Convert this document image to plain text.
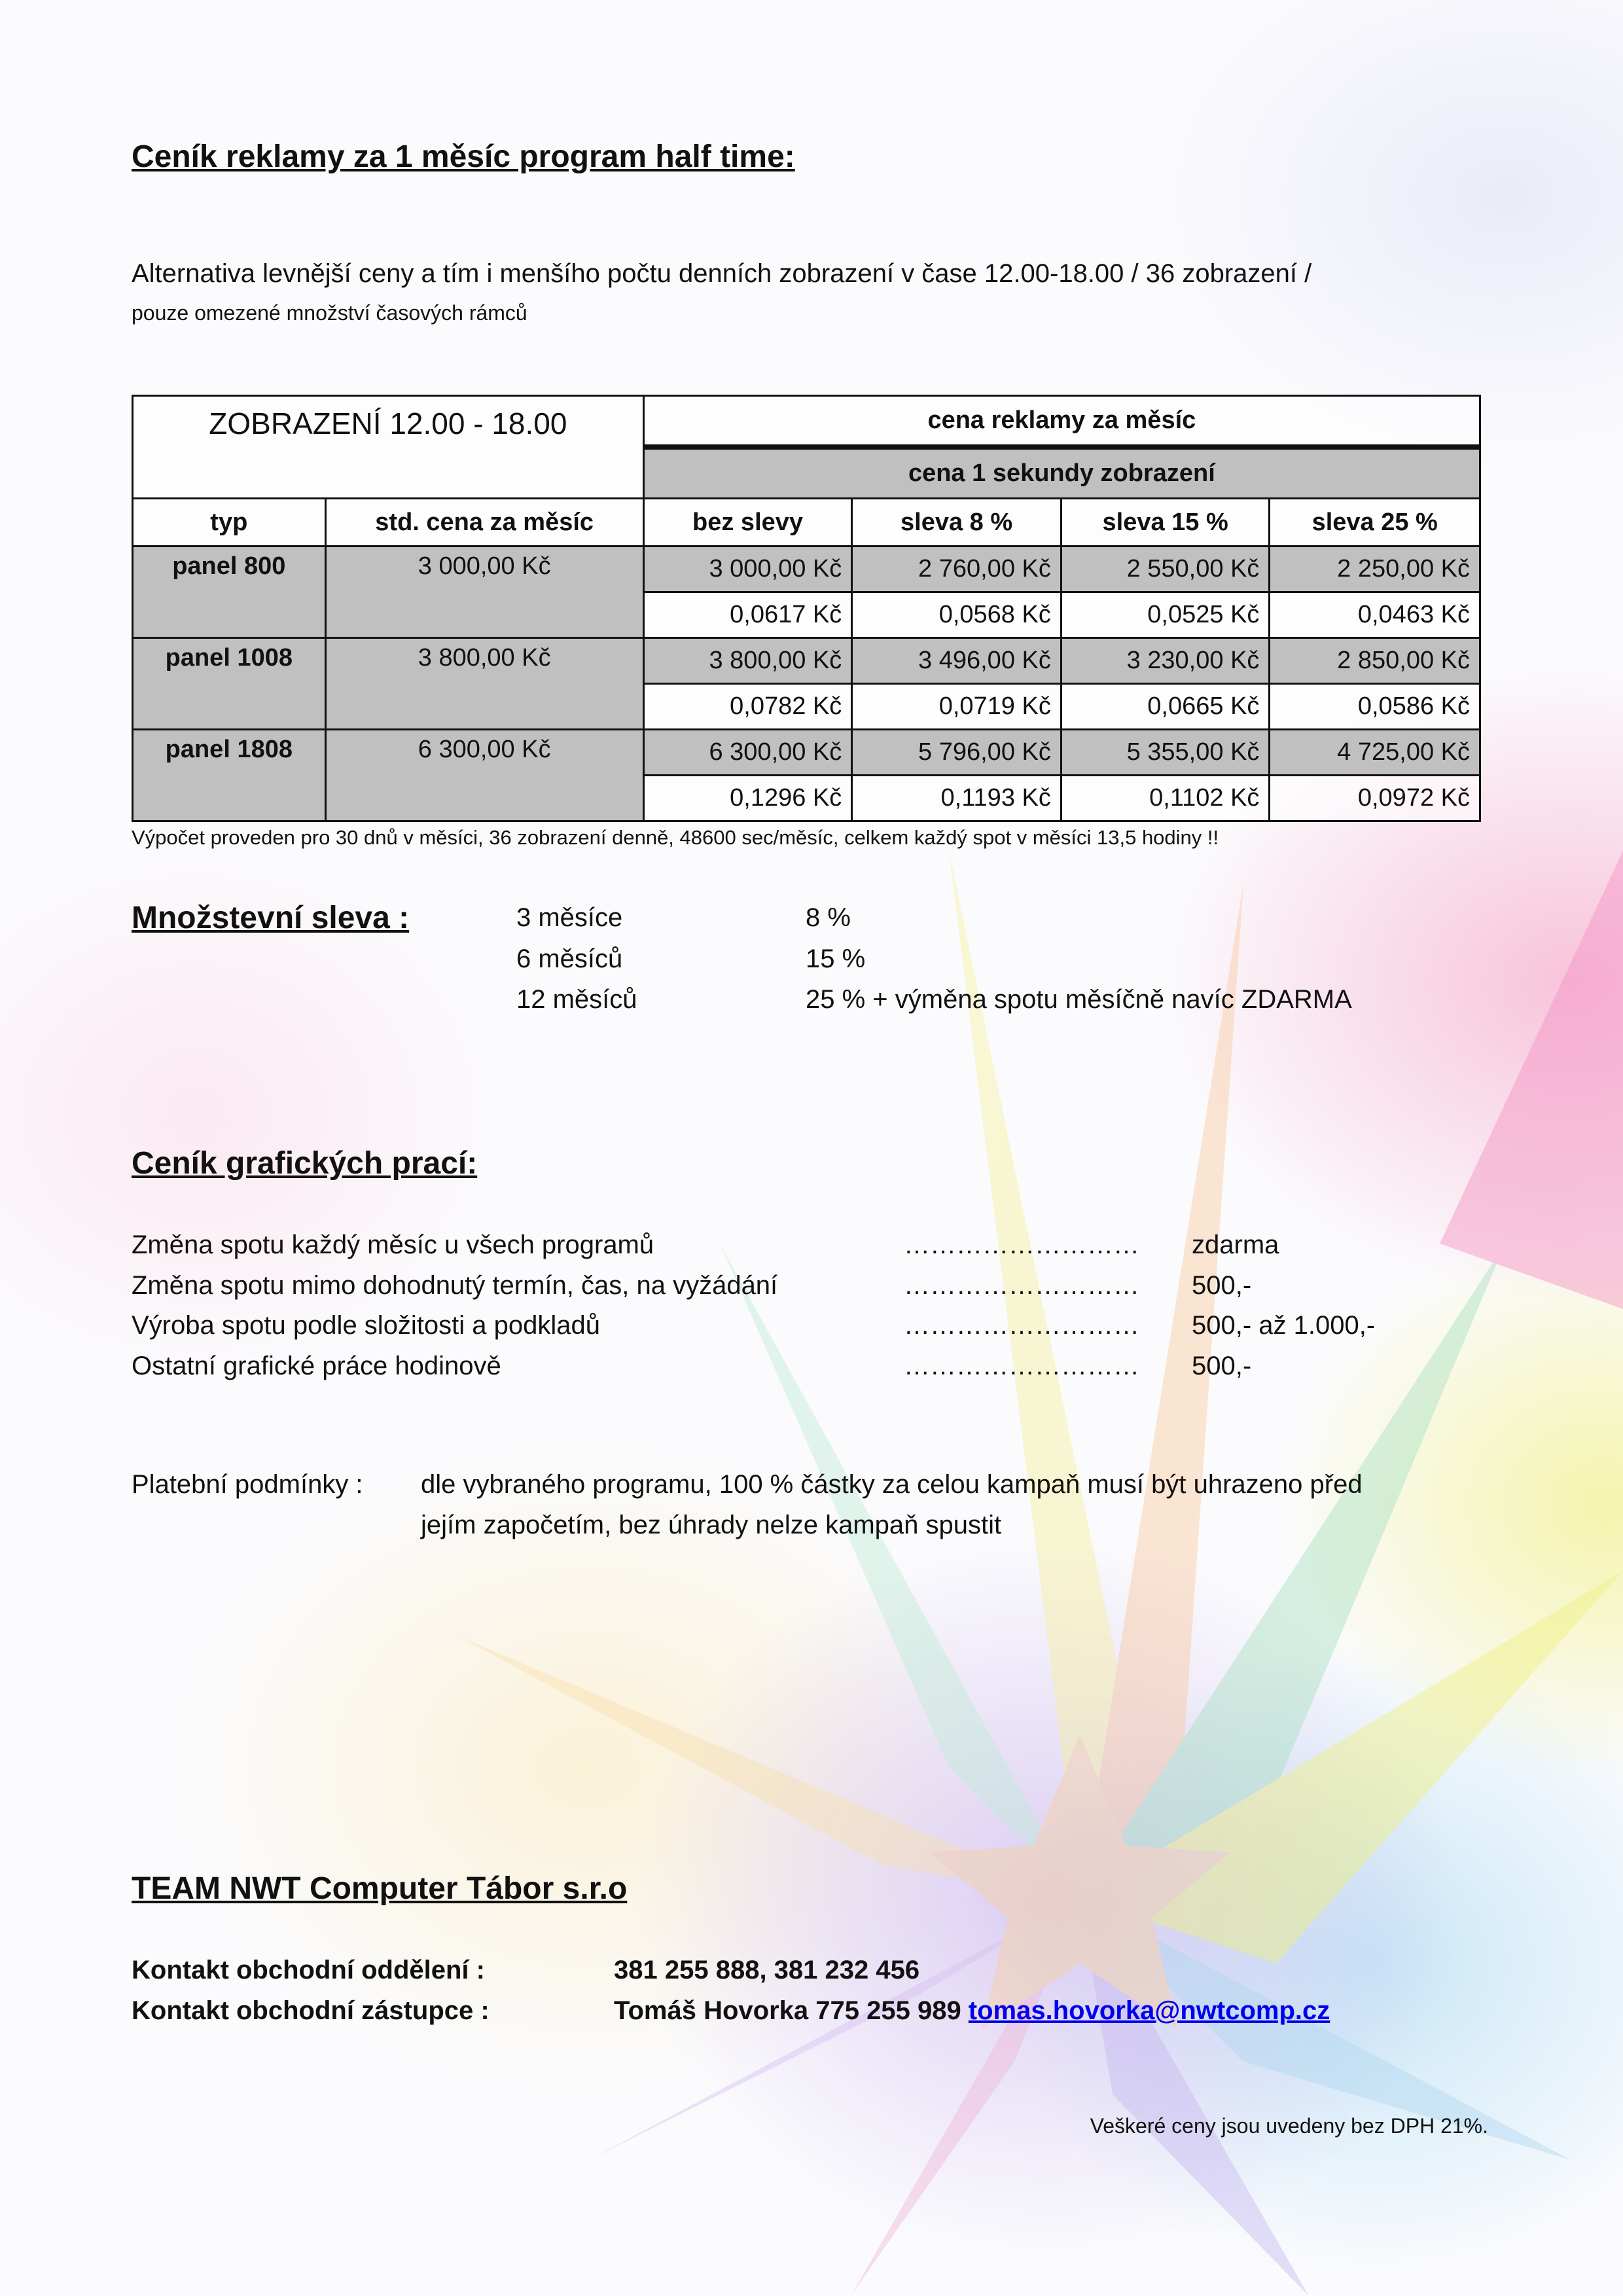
Ceník reklamy za 1 měsíc program half time:
Alternativa levnější ceny a tím i menšího počtu denních zobrazení v čase 12.00-18.00 / 36 zobrazení /
pouze omezené množství časových rámců
ZOBRAZENÍ 12.00 - 18.00		cena reklamy za měsíc			
		cena 1 sekundy zobrazení			
typ	std. cena za měsíc	bez slevy	sleva 8 %	sleva 15 %	sleva 25 %
panel 800	3 000,00 Kč	3 000,00 Kč	2 760,00 Kč	2 550,00 Kč	2 250,00 Kč
		0,0617 Kč	0,0568 Kč	0,0525 Kč	0,0463 Kč
panel 1008	3 800,00 Kč	3 800,00 Kč	3 496,00 Kč	3 230,00 Kč	2 850,00 Kč
		0,0782 Kč	0,0719 Kč	0,0665 Kč	0,0586 Kč
panel 1808	6 300,00 Kč	6 300,00 Kč	5 796,00 Kč	5 355,00 Kč	4 725,00 Kč
		0,1296 Kč	0,1193 Kč	0,1102 Kč	0,0972 Kč
Výpočet proveden pro 30 dnů v měsíci, 36 zobrazení denně, 48600 sec/měsíc, celkem každý spot v měsíci 13,5 hodiny !!
Množstevní sleva :	3 měsíce	8 %
6 měsíců	15 %
12 měsíců	25 % + výměna spotu měsíčně navíc ZDARMA
Ceník grafických prací:
Změna spotu každý měsíc u všech programů	……………………… zdarma
Změna spotu mimo dohodnutý termín, čas, na vyžádání	……………………… 500,-
Výroba spotu podle složitosti a podkladů	……………………… 500,- až 1.000,-
Ostatní grafické práce hodinově	……………………… 500,-
Platební podmínky : dle vybraného programu, 100 % částky za celou kampaň musí být uhrazeno před
jejím započetím, bez úhrady nelze kampaň spustit
TEAM NWT Computer Tábor s.r.o
Kontakt obchodní oddělení :	381 255 888, 381 232 456
Kontakt obchodní zástupce :	Tomáš Hovorka 775 255 989 tomas.hovorka@nwtcomp.cz
Veškeré ceny jsou uvedeny bez DPH 21%.
